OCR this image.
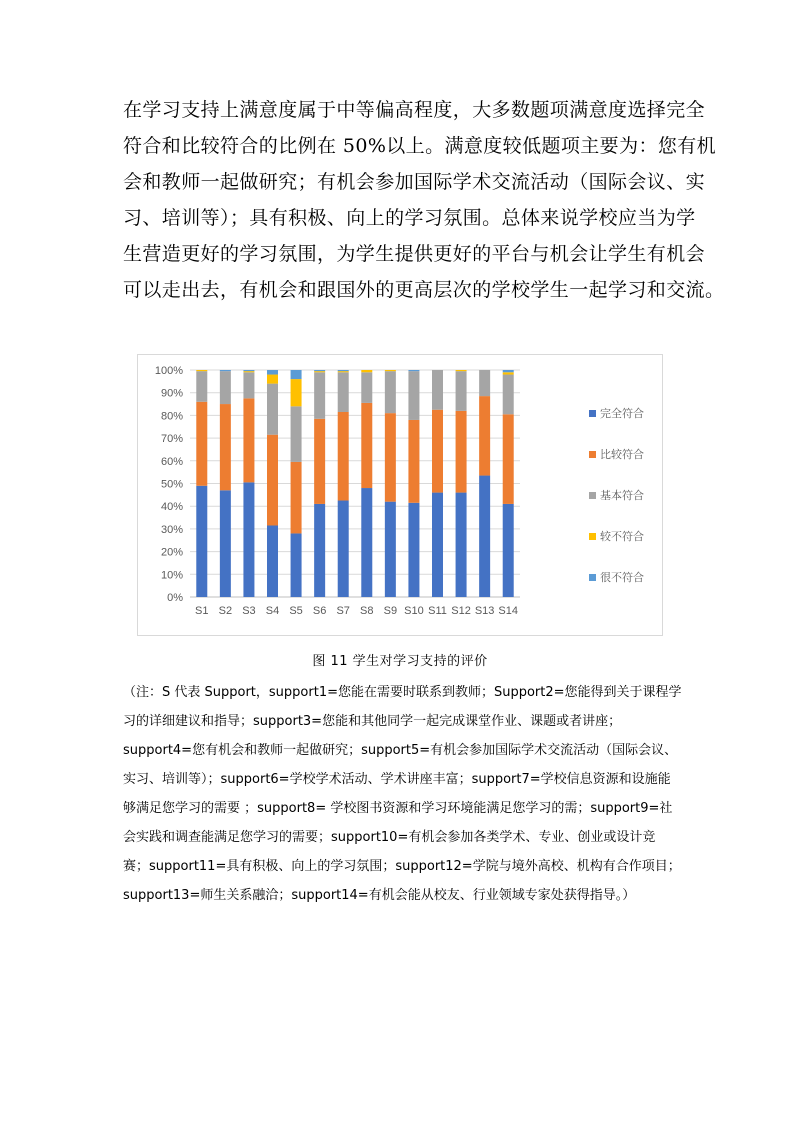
在学习支持上满意度属于中等偏高程度，大多数题项满意度选择完全
符合和比较符合的比例在 50%以上。满意度较低题项主要为：您有机
会和教师一起做研究；有机会参加国际学术交流活动（国际会议、实
习、培训等）；具有积极、向上的学习氛围。总体来说学校应当为学
生营造更好的学习氛围，为学生提供更好的平台与机会让学生有机会
可以走出去，有机会和跟国外的更高层次的学校学生一起学习和交流。
0%
10%
20%
30%
40%
50%
60%
70%
80%
90%
100%
S1 S2 S3 S4 S5 S6 S7 S8 S9 S10 S11 S12 S13 S14
完全符合
比较符合
基本符合
较不符合
很不符合
图 11 学生对学习支持的评价
（注：S 代表 Support，support1=您能在需要时联系到教师；Support2=您能得到关于课程学
习的详细建议和指导；support3=您能和其他同学一起完成课堂作业、课题或者讲座；
support4=您有机会和教师一起做研究；support5=有机会参加国际学术交流活动（国际会议、
实习、培训等）；support6=学校学术活动、学术讲座丰富；support7=学校信息资源和设施能
够满足您学习的需要 ；support8= 学校图书资源和学习环境能满足您学习的需；support9=社
会实践和调查能满足您学习的需要；support10=有机会参加各类学术、专业、创业或设计竞
赛；support11=具有积极、向上的学习氛围；support12=学院与境外高校、机构有合作项目；
support13=师生关系融洽；support14=有机会能从校友、行业领域专家处获得指导。）
